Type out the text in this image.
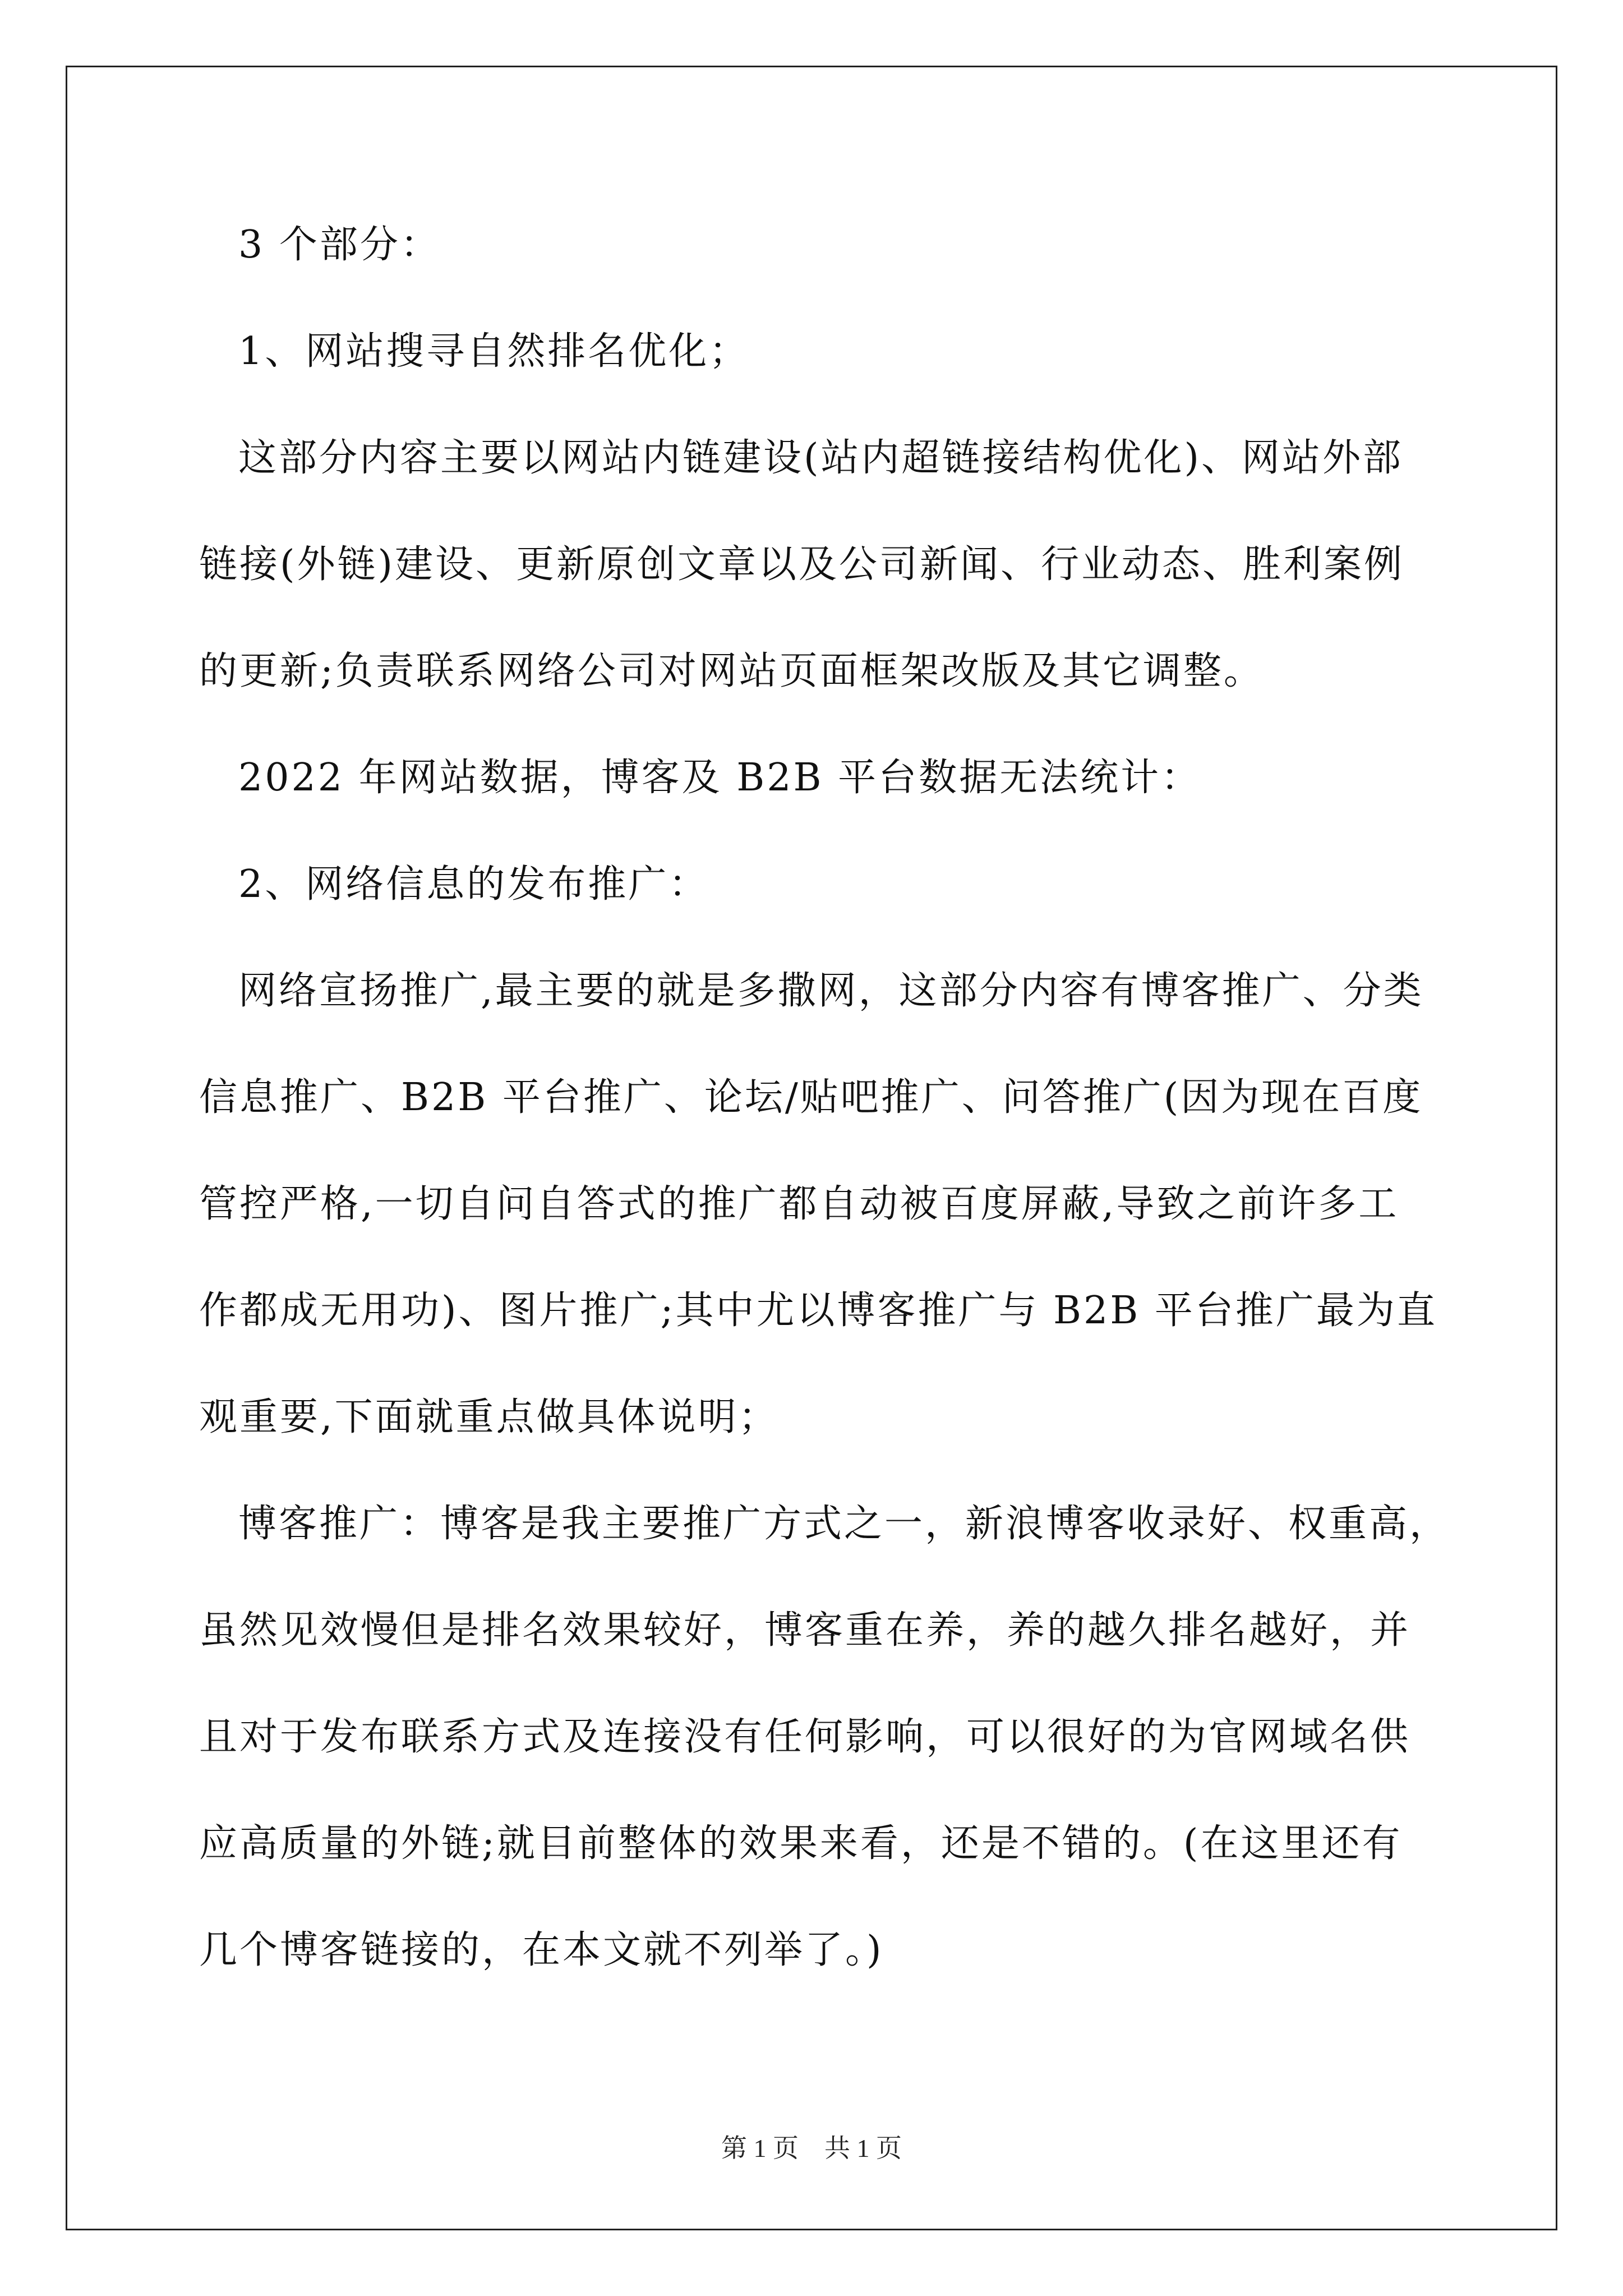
3 个部分：
1、网站搜寻自然排名优化；
这部分内容主要以网站内链建设(站内超链接结构优化)、网站外部
链接(外链)建设、更新原创文章以及公司新闻、行业动态、胜利案例
的更新;负责联系网络公司对网站页面框架改版及其它调整。
2022 年网站数据，博客及 B2B 平台数据无法统计：
2、网络信息的发布推广：
网络宣扬推广,最主要的就是多撒网，这部分内容有博客推广、分类
信息推广、B2B 平台推广、论坛/贴吧推广、问答推广(因为现在百度
管控严格,一切自问自答式的推广都自动被百度屏蔽,导致之前许多工
作都成无用功)、图片推广;其中尤以博客推广与 B2B 平台推广最为直
观重要,下面就重点做具体说明；
博客推广：博客是我主要推广方式之一，新浪博客收录好、权重高，
虽然见效慢但是排名效果较好，博客重在养，养的越久排名越好，并
且对于发布联系方式及连接没有任何影响，可以很好的为官网域名供
应高质量的外链;就目前整体的效果来看，还是不错的。(在这里还有
几个博客链接的，在本文就不列举了。)
第 1 页　共 1 页
